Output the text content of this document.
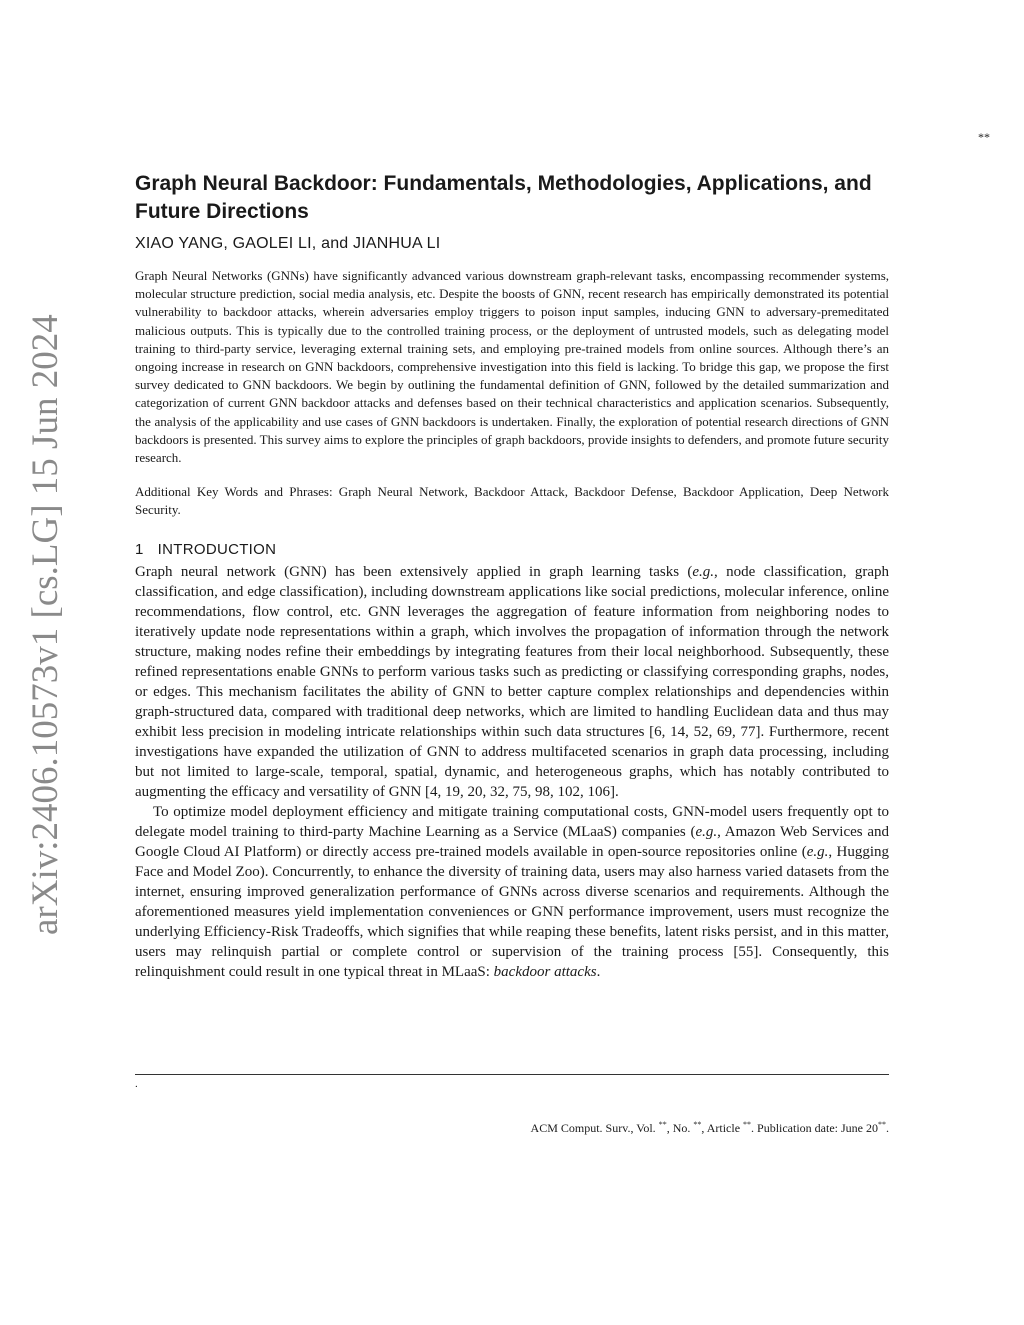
**
arXiv:2406.10573v1 [cs.LG] 15 Jun 2024
Graph Neural Backdoor: Fundamentals, Methodologies, Applications, and Future Directions
XIAO YANG, GAOLEI LI, and JIANHUA LI

Graph Neural Networks (GNNs) have significantly advanced various downstream graph-relevant tasks, encompassing recommender systems, molecular structure prediction, social media analysis, etc. Despite the boosts of GNN, recent research has empirically demonstrated its potential vulnerability to backdoor attacks, wherein adversaries employ triggers to poison input samples, inducing GNN to adversary-premeditated malicious outputs. This is typically due to the controlled training process, or the deployment of untrusted models, such as delegating model training to third-party service, leveraging external training sets, and employing pre-trained models from online sources. Although there’s an ongoing increase in research on GNN backdoors, comprehensive investigation into this field is lacking. To bridge this gap, we propose the first survey dedicated to GNN backdoors. We begin by outlining the fundamental definition of GNN, followed by the detailed summarization and categorization of current GNN backdoor attacks and defenses based on their technical characteristics and application scenarios. Subsequently, the analysis of the applicability and use cases of GNN backdoors is undertaken. Finally, the exploration of potential research directions of GNN backdoors is presented. This survey aims to explore the principles of graph backdoors, provide insights to defenders, and promote future security research.

Additional Key Words and Phrases: Graph Neural Network, Backdoor Attack, Backdoor Defense, Backdoor Application, Deep Network Security.

1 INTRODUCTION

Graph neural network (GNN) has been extensively applied in graph learning tasks (e.g., node classification, graph classification, and edge classification), including downstream applications like social predictions, molecular inference, online recommendations, flow control, etc. GNN leverages the aggregation of feature information from neighboring nodes to iteratively update node representations within a graph, which involves the propagation of information through the network structure, making nodes refine their embeddings by integrating features from their local neighborhood. Subsequently, these refined representations enable GNNs to perform various tasks such as predicting or classifying corresponding graphs, nodes, or edges. This mechanism facilitates the ability of GNN to better capture complex relationships and dependencies within graph-structured data, compared with traditional deep networks, which are limited to handling Euclidean data and thus may exhibit less precision in modeling intricate relationships within such data structures [6, 14, 52, 69, 77]. Furthermore, recent investigations have expanded the utilization of GNN to address multifaceted scenarios in graph data processing, including but not limited to large-scale, temporal, spatial, dynamic, and heterogeneous graphs, which has notably contributed to augmenting the efficacy and versatility of GNN [4, 19, 20, 32, 75, 98, 102, 106].

To optimize model deployment efficiency and mitigate training computational costs, GNN-model users frequently opt to delegate model training to third-party Machine Learning as a Service (MLaaS) companies (e.g., Amazon Web Services and Google Cloud AI Platform) or directly access pre-trained models available in open-source repositories online (e.g., Hugging Face and Model Zoo). Concurrently, to enhance the diversity of training data, users may also harness varied datasets from the internet, ensuring improved generalization performance of GNNs across diverse scenarios and requirements. Although the aforementioned measures yield implementation conveniences or GNN performance improvement, users must recognize the underlying Efficiency-Risk Tradeoffs, which signifies that while reaping these benefits, latent risks persist, and in this matter, users may relinquish partial or complete control or supervision of the training process [55]. Consequently, this relinquishment could result in one typical threat in MLaaS: backdoor attacks.

.
ACM Comput. Surv., Vol. **, No. **, Article **. Publication date: June 20**.
